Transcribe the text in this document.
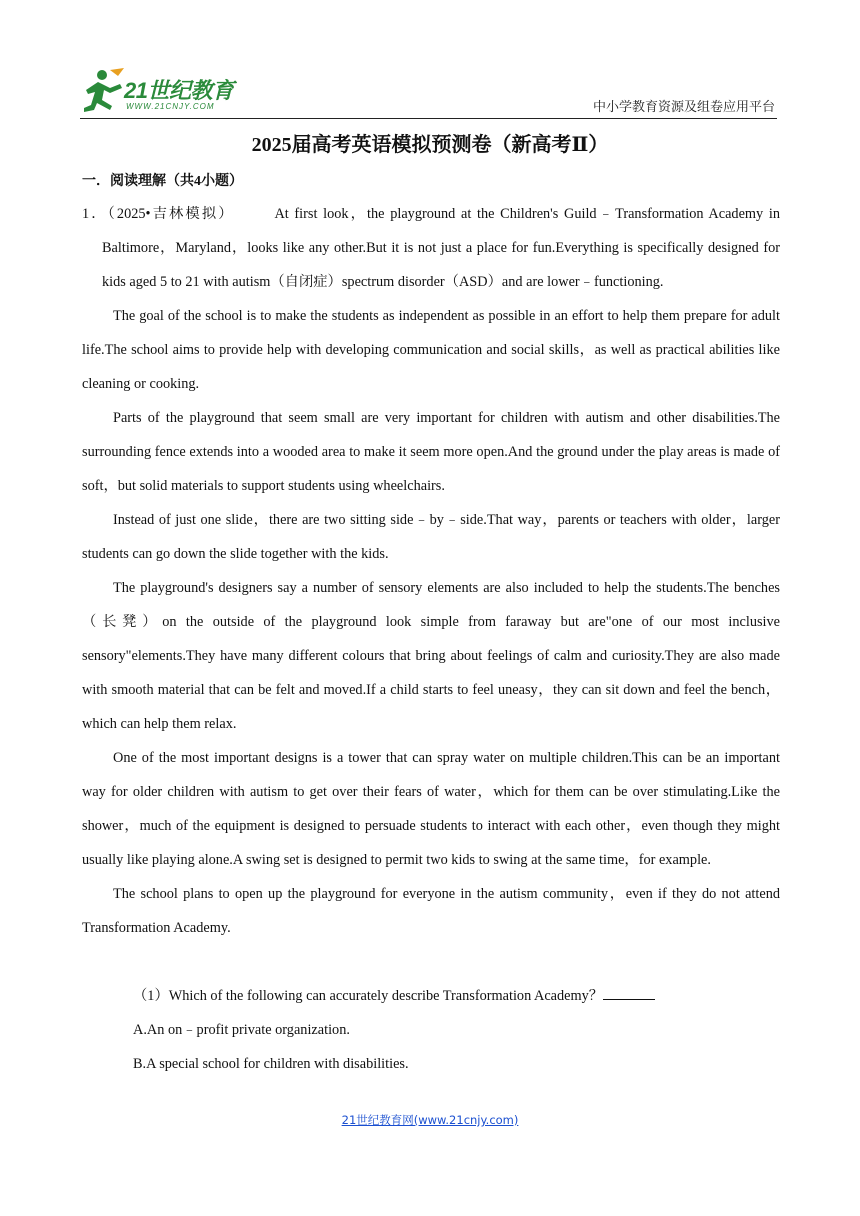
21世纪教育
WWW.21CNJY.COM	中小学教育资源及组卷应用平台
2025届高考英语模拟预测卷（新高考Ⅱ）
一．阅读理解（共4小题）

1．（2025•吉林模拟）	At first look，the playground at the Children's Guild﹣Transformation Academy in Baltimore，Maryland，looks like any other.But it is not just a place for fun.Everything is specifically designed for kids aged 5 to 21 with autism（自闭症）spectrum disorder（ASD）and are lower﹣functioning.

The goal of the school is to make the students as independent as possible in an effort to help them prepare for adult life.The school aims to provide help with developing communication and social skills，as well as practical abilities like cleaning or cooking.

Parts of the playground that seem small are very important for children with autism and other disabilities.The surrounding fence extends into a wooded area to make it seem more open.And the ground under the play areas is made of soft，but solid materials to support students using wheelchairs.

Instead of just one slide，there are two sitting side﹣by﹣side.That way，parents or teachers with older，larger students can go down the slide together with the kids.

The playground's designers say a number of sensory elements are also included to help the students.The benches（长凳）on the outside of the playground look simple from faraway but are"one of our most inclusive sensory"elements.They have many different colours that bring about feelings of calm and curiosity.They are also made with smooth material that can be felt and moved.If a child starts to feel uneasy，they can sit down and feel the bench，which can help them relax.

One of the most important designs is a tower that can spray water on multiple children.This can be an important way for older children with autism to get over their fears of water，which for them can be over stimulating.Like the shower，much of the equipment is designed to persuade students to interact with each other，even though they might usually like playing alone.A swing set is designed to permit two kids to swing at the same time，for example.

The school plans to open up the playground for everyone in the autism community，even if they do not attend Transformation Academy.

（1）Which of the following can accurately describe Transformation Academy？

A.An on﹣profit private organization.

B.A special school for children with disabilities.

21世纪教育网(www.21cnjy.com)
